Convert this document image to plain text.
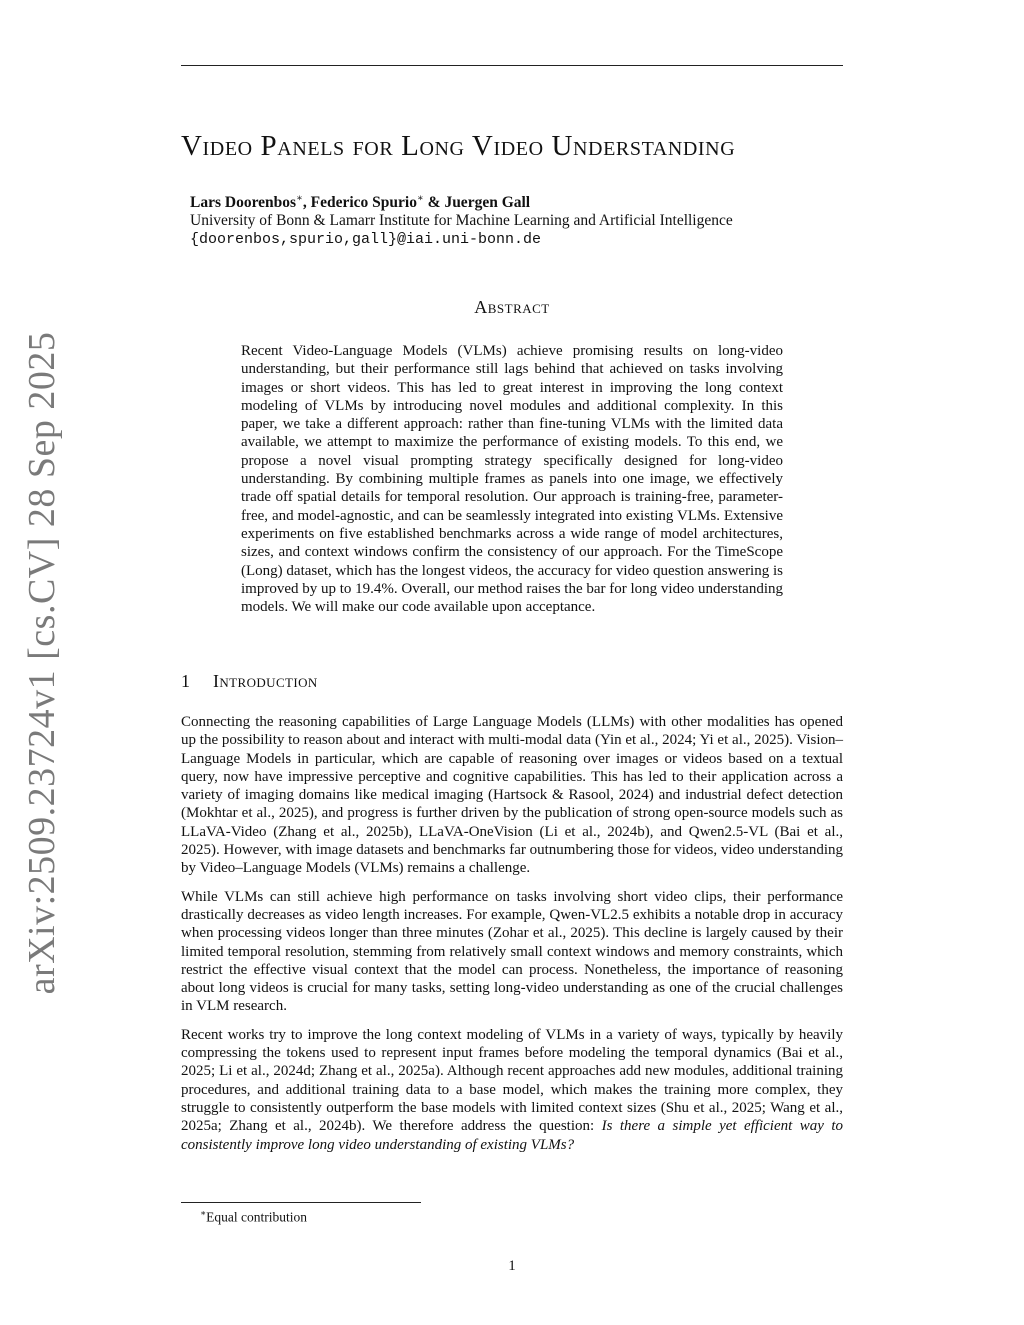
Video Panels for Long Video Understanding
Lars Doorenbos∗, Federico Spurio∗ & Juergen Gall
University of Bonn & Lamarr Institute for Machine Learning and Artificial Intelligence
{doorenbos,spurio,gall}@iai.uni-bonn.de
Abstract
Recent Video-Language Models (VLMs) achieve promising results on long-video understanding, but their performance still lags behind that achieved on tasks involving images or short videos. This has led to great interest in improving the long context modeling of VLMs by introducing novel modules and additional complexity. In this paper, we take a different approach: rather than fine-tuning VLMs with the limited data available, we attempt to maximize the performance of existing models. To this end, we propose a novel visual prompting strategy specifically designed for long-video understanding. By combining multiple frames as panels into one image, we effectively trade off spatial details for temporal resolution. Our approach is training-free, parameter-free, and model-agnostic, and can be seamlessly integrated into existing VLMs. Extensive experiments on five established benchmarks across a wide range of model architectures, sizes, and context windows confirm the consistency of our approach. For the TimeScope (Long) dataset, which has the longest videos, the accuracy for video question answering is improved by up to 19.4%. Overall, our method raises the bar for long video understanding models. We will make our code available upon acceptance.
1 Introduction

Connecting the reasoning capabilities of Large Language Models (LLMs) with other modalities has opened up the possibility to reason about and interact with multi-modal data (Yin et al., 2024; Yi et al., 2025). Vision–Language Models in particular, which are capable of reasoning over images or videos based on a textual query, now have impressive perceptive and cognitive capabilities. This has led to their application across a variety of imaging domains like medical imaging (Hartsock & Rasool, 2024) and industrial defect detection (Mokhtar et al., 2025), and progress is further driven by the publication of strong open-source models such as LLaVA-Video (Zhang et al., 2025b), LLaVA-OneVision (Li et al., 2024b), and Qwen2.5-VL (Bai et al., 2025). However, with image datasets and benchmarks far outnumbering those for videos, video understanding by Video–Language Models (VLMs) remains a challenge.

While VLMs can still achieve high performance on tasks involving short video clips, their performance drastically decreases as video length increases. For example, Qwen-VL2.5 exhibits a notable drop in accuracy when processing videos longer than three minutes (Zohar et al., 2025). This decline is largely caused by their limited temporal resolution, stemming from relatively small context windows and memory constraints, which restrict the effective visual context that the model can process. Nonetheless, the importance of reasoning about long videos is crucial for many tasks, setting long-video understanding as one of the crucial challenges in VLM research.

Recent works try to improve the long context modeling of VLMs in a variety of ways, typically by heavily compressing the tokens used to represent input frames before modeling the temporal dynamics (Bai et al., 2025; Li et al., 2024d; Zhang et al., 2025a). Although recent approaches add new modules, additional training procedures, and additional training data to a base model, which makes the training more complex, they struggle to consistently outperform the base models with limited context sizes (Shu et al., 2025; Wang et al., 2025a; Zhang et al., 2024b). We therefore address the question: Is there a simple yet efficient way to consistently improve long video understanding of existing VLMs?

∗Equal contribution
1
arXiv:2509.23724v1 [cs.CV] 28 Sep 2025
